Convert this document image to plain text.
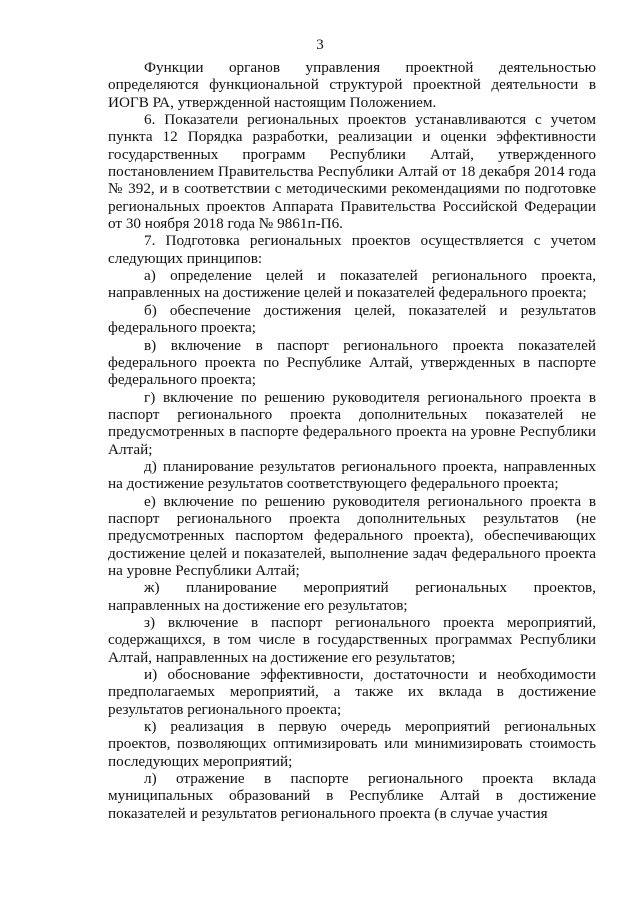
3

Функции органов управления проектной деятельностью определяются функциональной структурой проектной деятельности в ИОГВ РА, утвержденной настоящим Положением.

6. Показатели региональных проектов устанавливаются с учетом пункта 12 Порядка разработки, реализации и оценки эффективности государственных программ Республики Алтай, утвержденного постановлением Правительства Республики Алтай от 18 декабря 2014 года № 392, и в соответствии с методическими рекомендациями по подготовке региональных проектов Аппарата Правительства Российской Федерации от 30 ноября 2018 года № 9861п-П6.

7. Подготовка региональных проектов осуществляется с учетом следующих принципов:

а) определение целей и показателей регионального проекта, направленных на достижение целей и показателей федерального проекта;

б) обеспечение достижения целей, показателей и результатов федерального проекта;

в) включение в паспорт регионального проекта показателей федерального проекта по Республике Алтай, утвержденных в паспорте федерального проекта;

г) включение по решению руководителя регионального проекта в паспорт регионального проекта дополнительных показателей не предусмотренных в паспорте федерального проекта на уровне Республики Алтай;

д) планирование результатов регионального проекта, направленных на достижение результатов соответствующего федерального проекта;

е) включение по решению руководителя регионального проекта в паспорт регионального проекта дополнительных результатов (не предусмотренных паспортом федерального проекта), обеспечивающих достижение целей и показателей, выполнение задач федерального проекта на уровне Республики Алтай;

ж) планирование мероприятий региональных проектов, направленных на достижение его результатов;

з) включение в паспорт регионального проекта мероприятий, содержащихся, в том числе в государственных программах Республики Алтай, направленных на достижение его результатов;

и) обоснование эффективности, достаточности и необходимости предполагаемых мероприятий, а также их вклада в достижение результатов регионального проекта;

к) реализация в первую очередь мероприятий региональных проектов, позволяющих оптимизировать или минимизировать стоимость последующих мероприятий;

л) отражение в паспорте регионального проекта вклада муниципальных образований в Республике Алтай в достижение показателей и результатов регионального проекта (в случае участия
